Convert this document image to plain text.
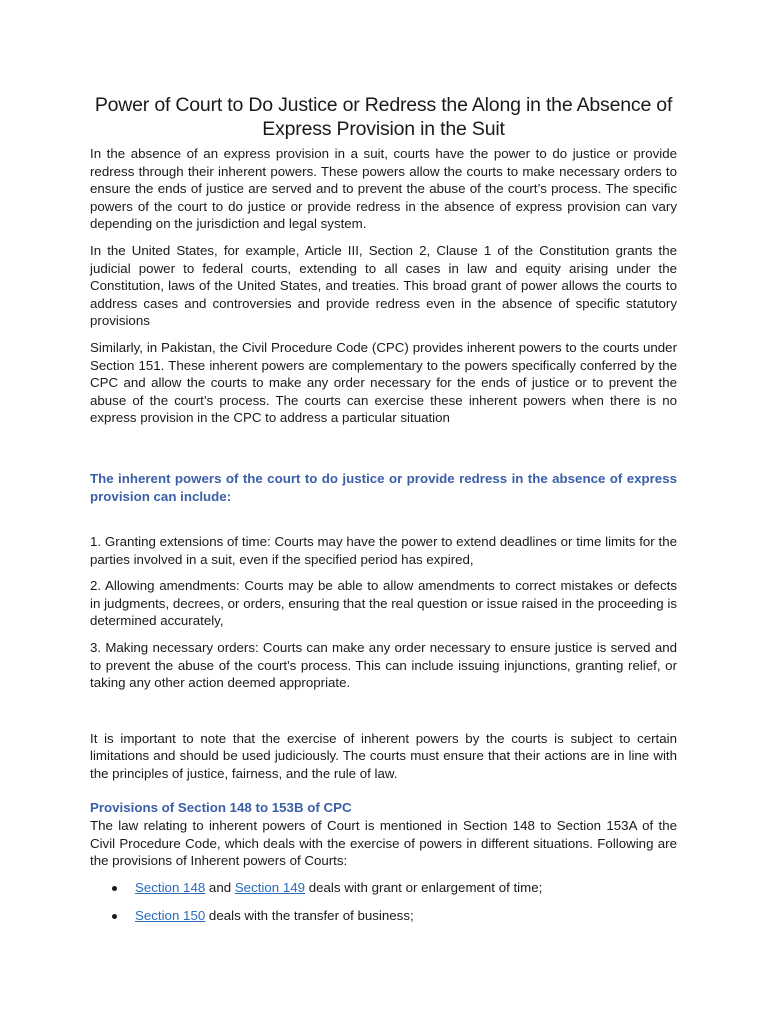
Power of Court to Do Justice or Redress the Along in the Absence of Express Provision in the Suit

In the absence of an express provision in a suit, courts have the power to do justice or provide redress through their inherent powers. These powers allow the courts to make necessary orders to ensure the ends of justice are served and to prevent the abuse of the court’s process. The specific powers of the court to do justice or provide redress in the absence of express provision can vary depending on the jurisdiction and legal system.

In the United States, for example, Article III, Section 2, Clause 1 of the Constitution grants the judicial power to federal courts, extending to all cases in law and equity arising under the Constitution, laws of the United States, and treaties. This broad grant of power allows the courts to address cases and controversies and provide redress even in the absence of specific statutory provisions

Similarly, in Pakistan, the Civil Procedure Code (CPC) provides inherent powers to the courts under Section 151. These inherent powers are complementary to the powers specifically conferred by the CPC and allow the courts to make any order necessary for the ends of justice or to prevent the abuse of the court’s process. The courts can exercise these inherent powers when there is no express provision in the CPC to address a particular situation

The inherent powers of the court to do justice or provide redress in the absence of express provision can include:

1. Granting extensions of time: Courts may have the power to extend deadlines or time limits for the parties involved in a suit, even if the specified period has expired,

2. Allowing amendments: Courts may be able to allow amendments to correct mistakes or defects in judgments, decrees, or orders, ensuring that the real question or issue raised in the proceeding is determined accurately,

3. Making necessary orders: Courts can make any order necessary to ensure justice is served and to prevent the abuse of the court's process. This can include issuing injunctions, granting relief, or taking any other action deemed appropriate.

It is important to note that the exercise of inherent powers by the courts is subject to certain limitations and should be used judiciously. The courts must ensure that their actions are in line with the principles of justice, fairness, and the rule of law.

Provisions of Section 148 to 153B of CPC

The law relating to inherent powers of Court is mentioned in Section 148 to Section 153A of the Civil Procedure Code, which deals with the exercise of powers in different situations. Following are the provisions of Inherent powers of Courts:

Section 148 and Section 149 deals with grant or enlargement of time;
Section 150 deals with the transfer of business;
